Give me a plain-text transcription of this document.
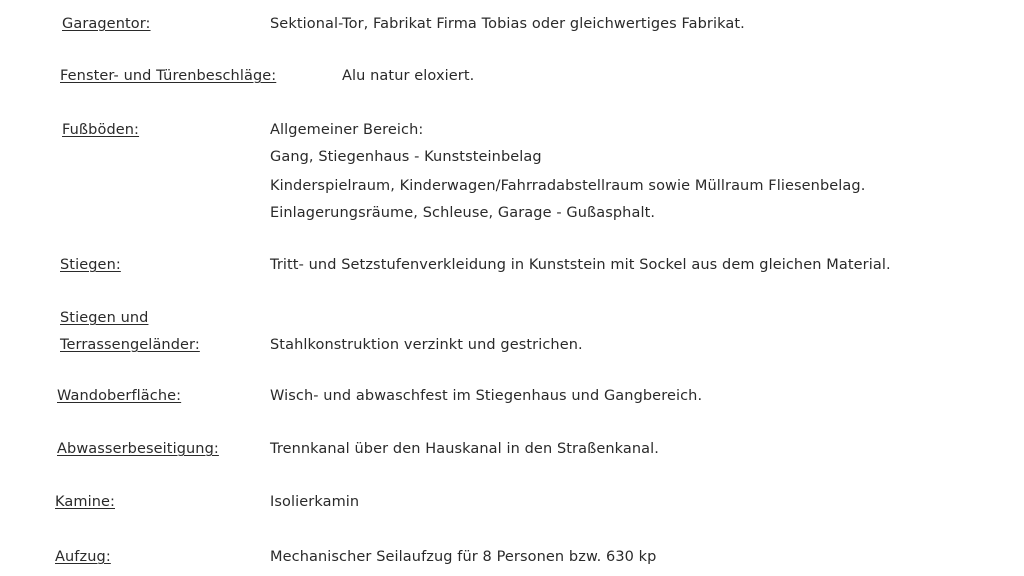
Garagentor:	Sektional-Tor, Fabrikat Firma Tobias oder gleichwertiges Fabrikat.
Fenster- und Türenbeschläge:	Alu natur eloxiert.
Fußböden:	Allgemeiner Bereich:
Gang, Stiegenhaus - Kunststeinbelag
Kinderspielraum, Kinderwagen/Fahrradabstellraum sowie Müllraum Fliesenbelag.
Einlagerungsräume, Schleuse, Garage - Gußasphalt.
Stiegen:	Tritt- und Setzstufenverkleidung in Kunststein mit Sockel aus dem gleichen Material.
Stiegen und
Terrassengeländer:	Stahlkonstruktion verzinkt und gestrichen.
Wandoberfläche:	Wisch- und abwaschfest im Stiegenhaus und Gangbereich.
Abwasserbeseitigung:	Trennkanal über den Hauskanal in den Straßenkanal.
Kamine:	Isolierkamin
Aufzug:	Mechanischer Seilaufzug für 8 Personen bzw. 630 kp
